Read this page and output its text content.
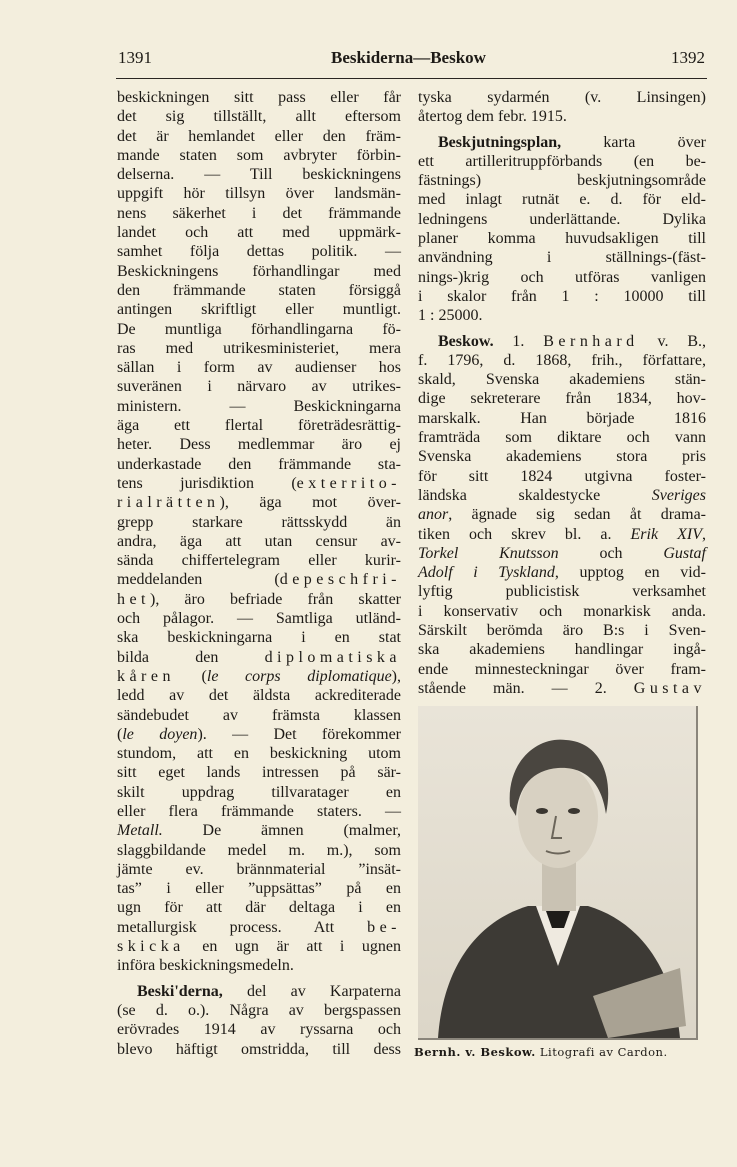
1391	Beskiderna—Beskow	1392
beskickningen sitt pass eller får
det sig tillställt, allt eftersom
det är hemlandet eller den främ-
mande staten som avbryter förbin-
delserna. — Till beskickningens
uppgift hör tillsyn över landsmän-
nens säkerhet i det främmande
landet och att med uppmärk-
samhet följa dettas politik. —
Beskickningens förhandlingar med
den främmande staten försiggå
antingen skriftligt eller muntligt.
De muntliga förhandlingarna fö-
ras med utrikesministeriet, mera
sällan i form av audienser hos
suveränen i närvaro av utrikes-
ministern. — Beskickningarna
äga ett flertal företrädesrättig-
heter. Dess medlemmar äro ej
underkastade den främmande sta-
tens jurisdiktion (exterrito-
rialrätten), äga mot över-
grepp starkare rättsskydd än
andra, äga att utan censur av-
sända chiffertelegram eller kurir-
meddelanden (depeschfri-
het), äro befriade från skatter
och pålagor. — Samtliga utländ-
ska beskickningarna i en stat
bilda den diplomatiska
kåren (le corps diplomatique),
ledd av det äldsta ackrediterade
sändebudet av främsta klassen
(le doyen). — Det förekommer
stundom, att en beskickning utom
sitt eget lands intressen på sär-
skilt uppdrag tillvaratager en
eller flera främmande staters. —
Metall. De ämnen (malmer,
slaggbildande medel m. m.), som
jämte ev. brännmaterial ”insät-
tas” i eller ”uppsättas” på en
ugn för att där deltaga i en
metallurgisk process. Att be-
skicka en ugn är att i ugnen
införa beskickningsmedeln.
Beski'derna, del av Karpaterna
(se d. o.). Några av bergspassen
erövrades 1914 av ryssarna och
blevo häftigt omstridda, till dess
tyska sydarmén (v. Linsingen)
återtog dem febr. 1915.
Beskjutningsplan, karta över
ett artilleritruppförbands (en be-
fästnings) beskjutningsområde
med inlagt rutnät e. d. för eld-
ledningens underlättande. Dylika
planer komma huvudsakligen till
användning i ställnings-(fäst-
nings-)krig och utföras vanligen
i skalor från 1 : 10000 till
1 : 25000.
Beskow. 1. Bernhard v. B.,
f. 1796, d. 1868, frih., författare,
skald, Svenska akademiens stän-
dige sekreterare från 1834, hov-
marskalk. Han började 1816
framträda som diktare och vann
Svenska akademiens stora pris
för sitt 1824 utgivna foster-
ländska skaldestycke Sveriges
anor, ägnade sig sedan åt drama-
tiken och skrev bl. a. Erik XIV,
Torkel Knutsson och Gustaf
Adolf i Tyskland, upptog en vid-
lyftig publicistisk verksamhet
i konservativ och monarkisk anda.
Särskilt berömda äro B:s i Sven-
ska akademiens handlingar ingå-
ende minnesteckningar över fram-
stående män. — 2. Gustav
Bernh. v. Beskow. Litografi av Cardon.
